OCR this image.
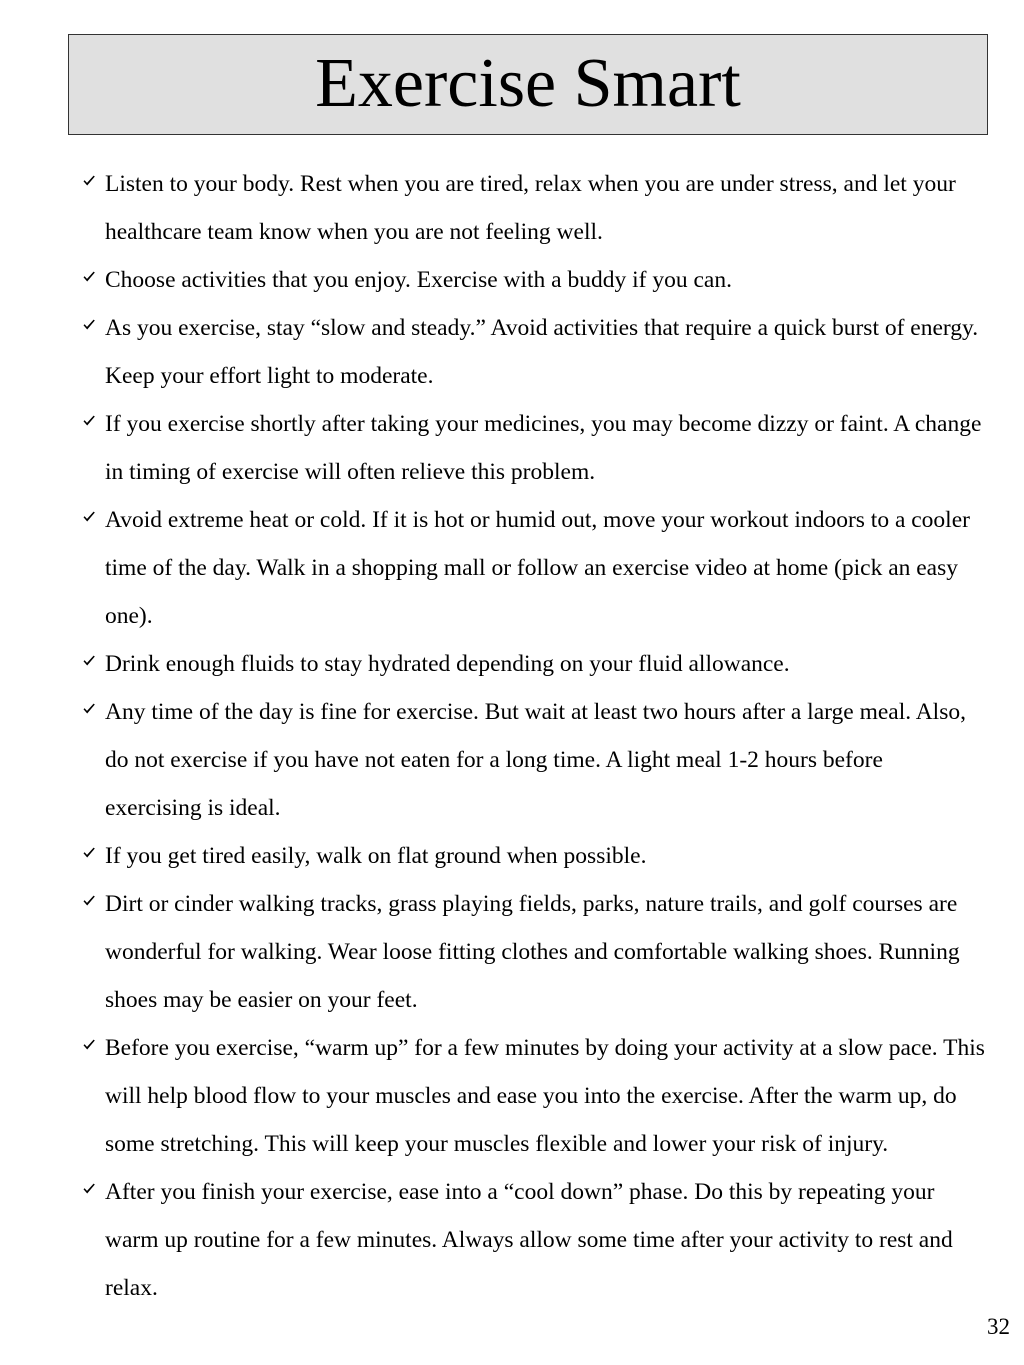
Exercise Smart
Listen to your body. Rest when you are tired, relax when you are under stress, and let your healthcare team know when you are not feeling well.
Choose activities that you enjoy. Exercise with a buddy if you can.
As you exercise, stay “slow and steady.” Avoid activities that require a quick burst of energy. Keep your effort light to moderate.
If you exercise shortly after taking your medicines, you may become dizzy or faint. A change in timing of exercise will often relieve this problem.
Avoid extreme heat or cold. If it is hot or humid out, move your workout indoors to a cooler time of the day. Walk in a shopping mall or follow an exercise video at home (pick an easy one).
Drink enough fluids to stay hydrated depending on your fluid allowance.
Any time of the day is fine for exercise. But wait at least two hours after a large meal. Also, do not exercise if you have not eaten for a long time. A light meal 1-2 hours before exercising is ideal.
If you get tired easily, walk on flat ground when possible.
Dirt or cinder walking tracks, grass playing fields, parks, nature trails, and golf courses are wonderful for walking. Wear loose fitting clothes and comfortable walking shoes. Running shoes may be easier on your feet.
Before you exercise, “warm up” for a few minutes by doing your activity at a slow pace. This will help blood flow to your muscles and ease you into the exercise. After the warm up, do some stretching. This will keep your muscles flexible and lower your risk of injury.
After you finish your exercise, ease into a “cool down” phase. Do this by repeating your warm up routine for a few minutes. Always allow some time after your activity to rest and relax.
32
